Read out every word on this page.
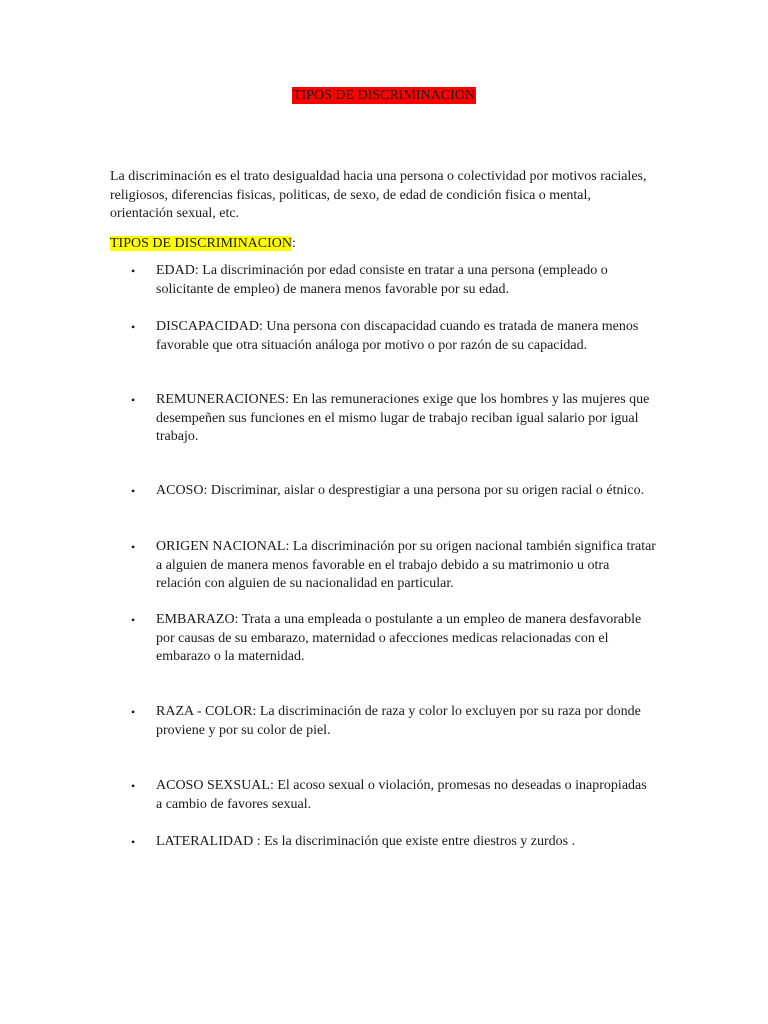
TIPOS DE DISCRIMINACION

La discriminación es el trato desigualdad hacia una persona o colectividad por motivos raciales, religiosos, diferencias fisicas, politicas, de sexo, de edad de condición fisica o mental, orientación sexual, etc.

TIPOS DE DISCRIMINACION:

•	EDAD: La discriminación por edad consiste en tratar a una persona (empleado o solicitante de empleo) de manera menos favorable por su edad.
•	DISCAPACIDAD: Una persona con discapacidad cuando es tratada de manera menos favorable que otra situación análoga por motivo o por razón de su capacidad.
•	REMUNERACIONES: En las remuneraciones exige que los hombres y las mujeres que desempeñen sus funciones en el mismo lugar de trabajo reciban igual salario por igual trabajo.
•	ACOSO: Discriminar, aislar o desprestigiar a una persona por su origen racial o étnico.
•	ORIGEN NACIONAL: La discriminación por su origen nacional también significa tratar a alguien de manera menos favorable en el trabajo debido a su matrimonio u otra relación con alguien de su nacionalidad en particular.
•	EMBARAZO: Trata a una empleada o postulante a un empleo de manera desfavorable por causas de su embarazo, maternidad o afecciones medicas relacionadas con el embarazo o la maternidad.
•	RAZA - COLOR: La discriminación de raza y color lo excluyen por su raza por donde proviene y por su color de piel.
•	ACOSO SEXSUAL: El acoso sexual o violación, promesas no deseadas o inapropiadas a cambio de favores sexual.
•	LATERALIDAD : Es la discriminación que existe entre diestros y zurdos .
